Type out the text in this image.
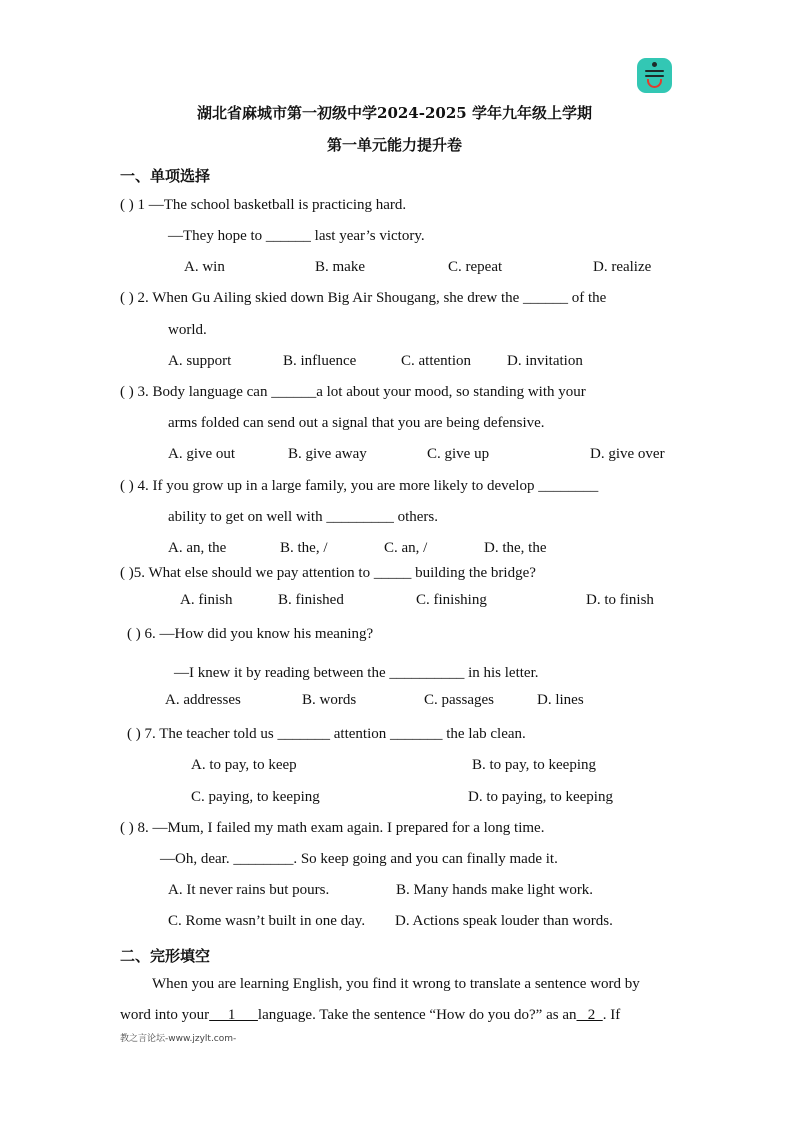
湖北省麻城市第一初级中学2024-2025 学年九年级上学期
第一单元能力提升卷
一、单项选择
( ) 1 —The school basketball is practicing hard.
—They hope to ______ last year’s victory.
A. win	B. make	C. repeat	D. realize
( ) 2. When Gu Ailing skied down Big Air Shougang, she drew the ______ of the
world.
A. support	B. influence	C. attention D. invitation
( ) 3. Body language can ______a lot about your mood, so standing with your
arms folded can send out a signal that you are being defensive.
A. give out	B. give away	C. give up	D. give over
( ) 4. If you grow up in a large family, you are more likely to develop ________
ability to get on well with _________ others.
A. an, the	B. the, /	C. an, /	D. the, the
( )5. What else should we pay attention to _____ building the bridge?
A. finish	B. finished	C. finishing	D. to finish
( ) 6. —How did you know his meaning?
—I knew it by reading between the __________ in his letter.
A. addresses	B. words	C. passages	D. lines
( ) 7. The teacher told us _______ attention _______ the lab clean.
A. to pay, to keep	B. to pay, to keeping
C. paying, to keeping	D. to paying, to keeping
( ) 8. —Mum, I failed my math exam again. I prepared for a long time.
—Oh, dear. ________. So keep going and you can finally made it.
A. It never rains but pours.	B. Many hands make light work.
C. Rome wasn’t built in one day. D. Actions speak louder than words.
二、完形填空
When you are learning English, you find it wrong to translate a sentence word by
word into your     1      language. Take the sentence “How do you do?” as an   2  . If
教之言论坛-www.jzylt.com-
